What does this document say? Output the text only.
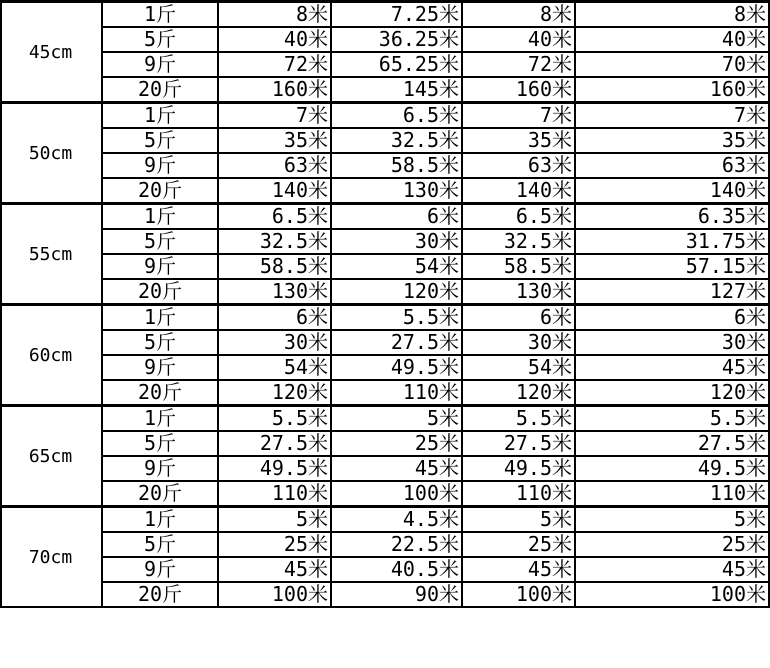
45cm	1斤	8米	7.25米	8米	8米
	5斤	40米	36.25米	40米	40米
	9斤	72米	65.25米	72米	70米
	20斤	160米	145米	160米	160米
50cm	1斤	7米	6.5米	7米	7米
	5斤	35米	32.5米	35米	35米
	9斤	63米	58.5米	63米	63米
	20斤	140米	130米	140米	140米
55cm	1斤	6.5米	6米	6.5米	6.35米
	5斤	32.5米	30米	32.5米	31.75米
	9斤	58.5米	54米	58.5米	57.15米
	20斤	130米	120米	130米	127米
60cm	1斤	6米	5.5米	6米	6米
	5斤	30米	27.5米	30米	30米
	9斤	54米	49.5米	54米	45米
	20斤	120米	110米	120米	120米
65cm	1斤	5.5米	5米	5.5米	5.5米
	5斤	27.5米	25米	27.5米	27.5米
	9斤	49.5米	45米	49.5米	49.5米
	20斤	110米	100米	110米	110米
70cm	1斤	5米	4.5米	5米	5米
	5斤	25米	22.5米	25米	25米
	9斤	45米	40.5米	45米	45米
	20斤	100米	90米	100米	100米
